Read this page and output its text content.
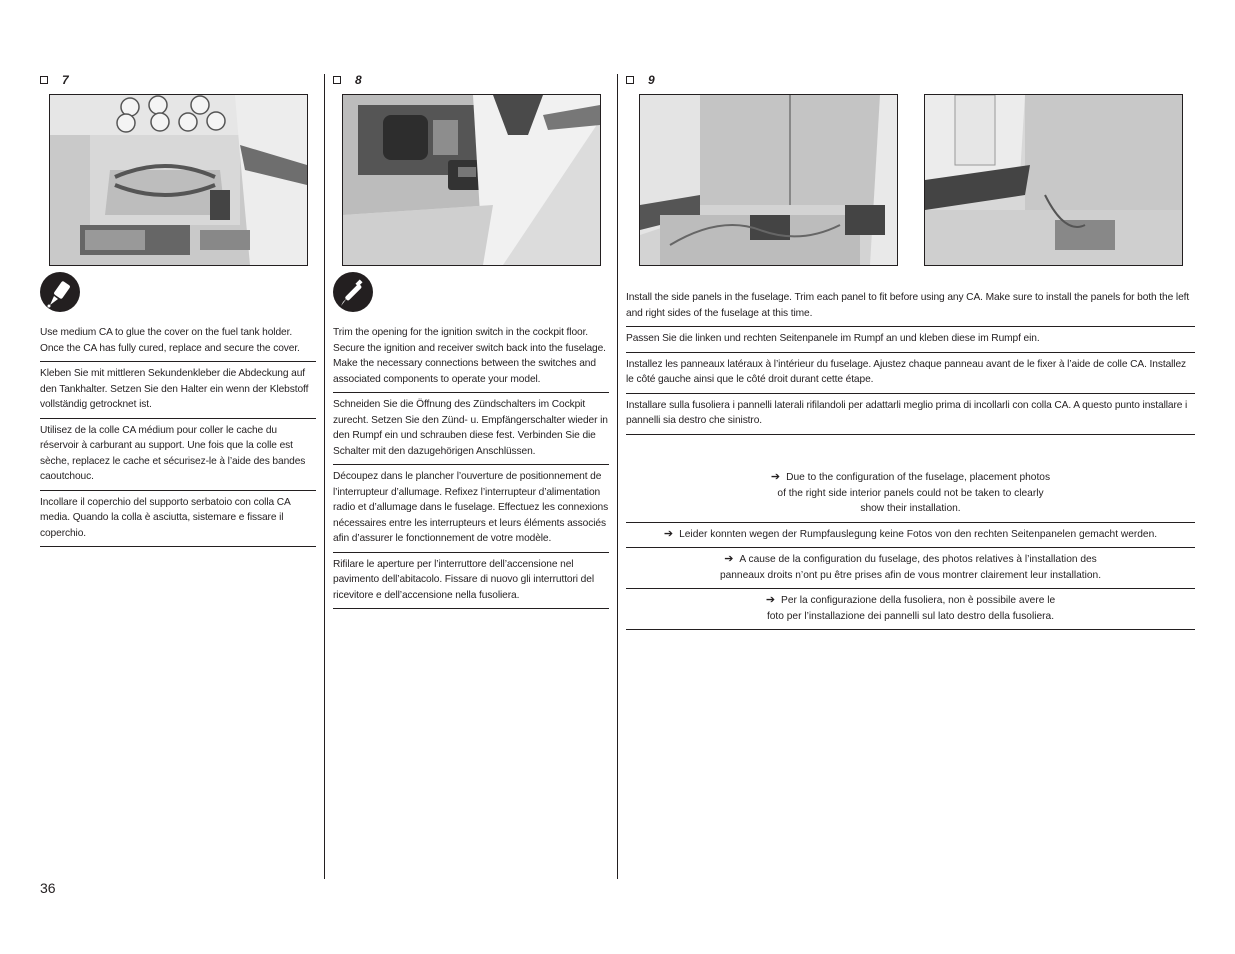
7
Use medium CA to glue the cover on the fuel tank holder. Once the CA has fully cured, replace and secure the cover.
Kleben Sie mit mittleren Sekundenkleber die Abdeckung auf den Tankhalter. Setzen Sie den Halter ein wenn der Klebstoff vollständig getrocknet ist.
Utilisez de la colle CA médium pour coller le cache du réservoir à carburant au support. Une fois que la colle est sèche, replacez le cache et sécurisez-le à l’aide des bandes caoutchouc.
Incollare il coperchio del supporto serbatoio con colla CA media. Quando la colla è asciutta, sistemare e fissare il coperchio.
8
Trim the opening for the ignition switch in the cockpit floor. Secure the ignition and receiver switch back into the fuselage. Make the necessary connections between the switches and associated components to operate your model.
Schneiden Sie die Öffnung des Zündschalters im Cockpit zurecht. Setzen Sie den Zünd- u. Empfängerschalter wieder in den Rumpf ein und schrauben diese fest. Verbinden Sie die Schalter mit den dazugehörigen Anschlüssen.
Découpez dans le plancher l’ouverture de positionnement de l’interrupteur d’allumage. Refixez l’interrupteur d’alimentation radio et d’allumage dans le fuselage. Effectuez les connexions nécessaires entre les interrupteurs et leurs éléments associés afin d’assurer le fonctionnement de votre modèle.
Rifilare le aperture per l’interruttore dell’accensione nel pavimento dell’abitacolo. Fissare di nuovo gli interruttori del ricevitore e dell’accensione nella fusoliera.
9
Install the side panels in the fuselage. Trim each panel to fit before using any CA. Make sure to install the panels for both the left and right sides of the fuselage at this time.
Passen Sie die linken und rechten Seitenpanele im Rumpf an und kleben diese im Rumpf ein.
Installez les panneaux latéraux à l’intérieur du fuselage. Ajustez chaque panneau avant de le fixer à l’aide de colle CA. Installez le côté gauche ainsi que le côté droit durant cette étape.
Installare sulla fusoliera i pannelli laterali rifilandoli per adattarli meglio prima di incollarli con colla CA. A questo punto installare i pannelli sia destro che sinistro.
➔ Due to the configuration of the fuselage, placement photos of the right side interior panels could not be taken to clearly show their installation.
➔ Leider konnten wegen der Rumpfauslegung keine Fotos von den rechten Seitenpanelen gemacht werden.
➔ A cause de la configuration du fuselage, des photos relatives à l’installation des panneaux droits n’ont pu être prises afin de vous montrer clairement leur installation.
➔ Per la configurazione della fusoliera, non è possibile avere le foto per l’installazione dei pannelli sul lato destro della fusoliera.
36
